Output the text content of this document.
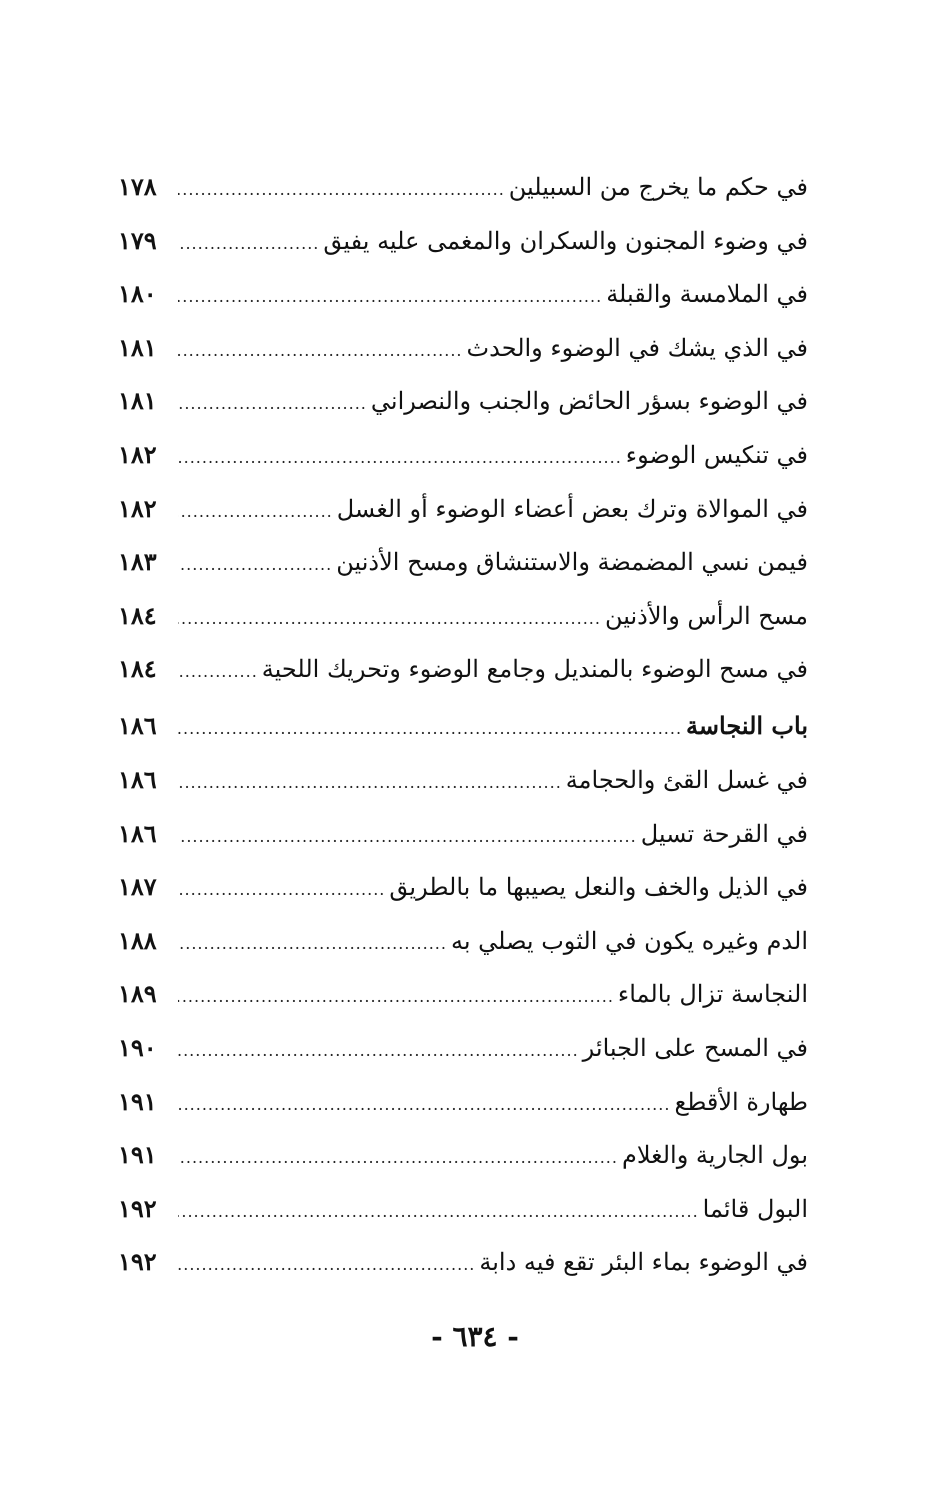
في حكم ما يخرج من السبيلين
.....
١٧٨
في وضوء المجنون والسكران والمغمى عليه يفيق
.....
١٧٩
في الملامسة والقبلة
.....
١٨٠
في الذي يشك في الوضوء والحدث
.....
١٨١
في الوضوء بسؤر الحائض والجنب والنصراني
.....
١٨١
في تنكيس الوضوء
.....
١٨٢
في الموالاة وترك بعض أعضاء الوضوء أو الغسل
.....
١٨٢
فيمن نسي المضمضة والاستنشاق ومسح الأذنين
.....
١٨٣
مسح الرأس والأذنين
.....
١٨٤
في مسح الوضوء بالمنديل وجامع الوضوء وتحريك اللحية
.....
١٨٤
باب النجاسة
.....
١٨٦
في غسل القئ والحجامة
.....
١٨٦
في القرحة تسيل
.....
١٨٦
في الذيل والخف والنعل يصيبها ما بالطريق
.....
١٨٧
الدم وغيره يكون في الثوب يصلي به
.....
١٨٨
النجاسة تزال بالماء
.....
١٨٩
في المسح على الجبائر
.....
١٩٠
طهارة الأقطع
.....
١٩١
بول الجارية والغلام
.....
١٩١
البول قائما
.....
١٩٢
في الوضوء بماء البئر تقع فيه دابة
.....
١٩٢
- ٦٣٤ -
